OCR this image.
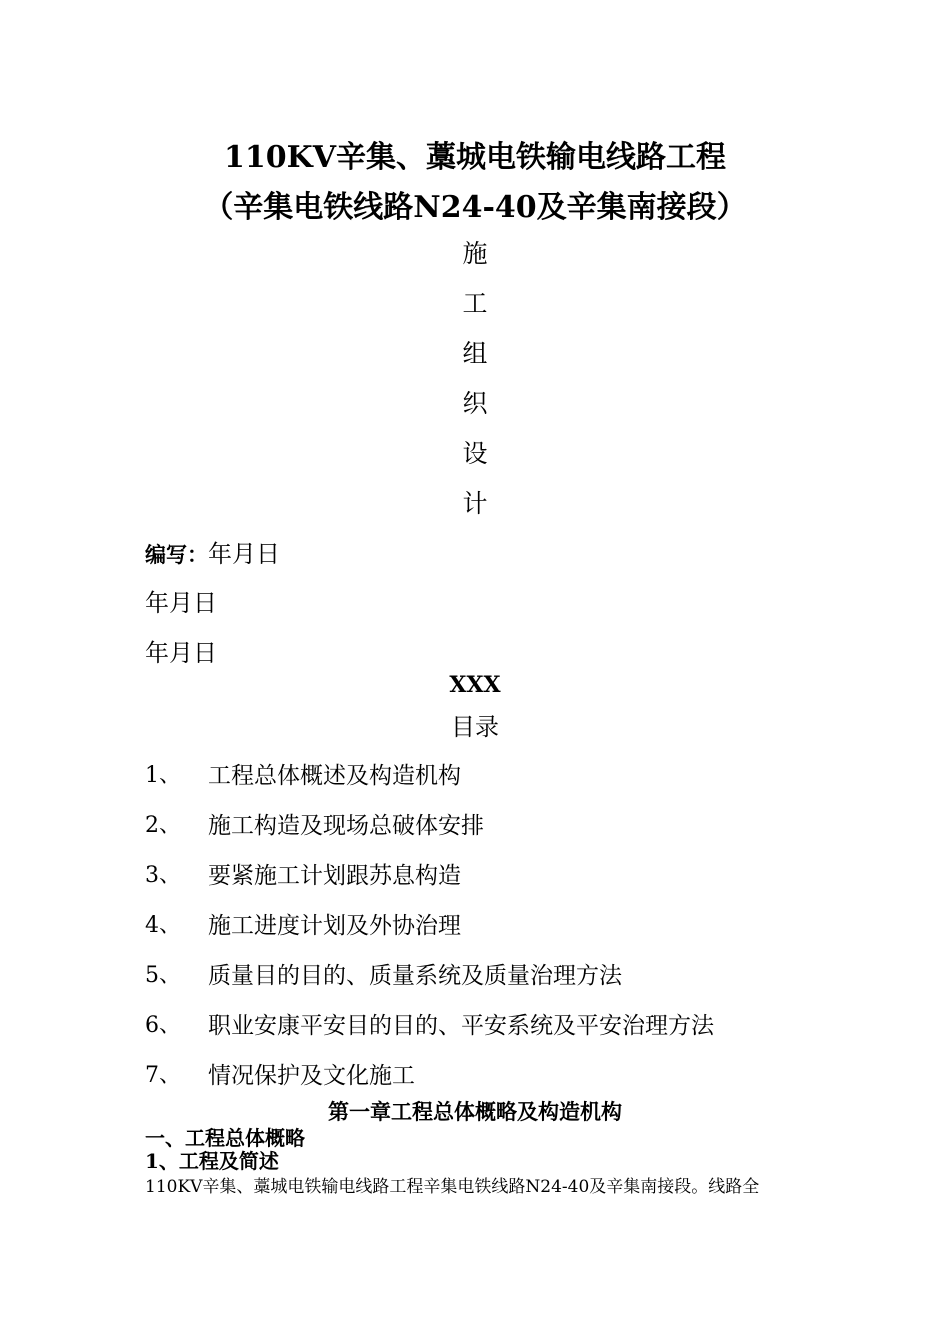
110KV辛集、藁城电铁输电线路工程
（辛集电铁线路N24-40及辛集南接段）
施
工
组
织
设
计
编写：年月日
年月日
年月日
XXX
目录
1、 工程总体概述及构造机构
2、 施工构造及现场总破体安排
3、 要紧施工计划跟苏息构造
4、 施工进度计划及外协治理
5、 质量目的目的、质量系统及质量治理方法
6、 职业安康平安目的目的、平安系统及平安治理方法
7、 情况保护及文化施工
第一章工程总体概略及构造机构
一、工程总体概略
1、工程及简述
110KV辛集、藁城电铁输电线路工程辛集电铁线路N24-40及辛集南接段。线路全
